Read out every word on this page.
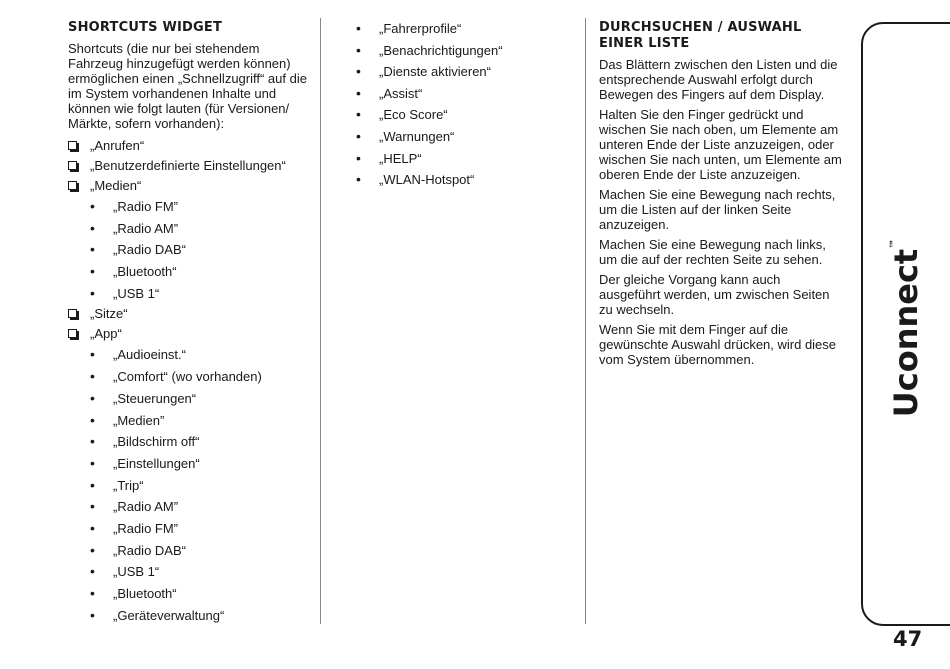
SHORTCUTS WIDGET

Shortcuts (die nur bei stehendem Fahrzeug hinzugefügt werden können) ermöglichen einen „Schnellzugriff“ auf die im System vorhandenen Inhalte und können wie folgt lauten (für Versionen/ Märkte, sofern vorhanden):

„Anrufen“
„Benutzerdefinierte Einstellungen“
„Medien“
• „Radio FM”
• „Radio AM”
• „Radio DAB“
• „Bluetooth“
• „USB 1“
„Sitze“
„App“
• „Audioeinst.“
• „Comfort“ (wo vorhanden)
• „Steuerungen“
• „Medien”
• „Bildschirm off“
• „Einstellungen“
• „Trip“
• „Radio AM”
• „Radio FM”
• „Radio DAB“
• „USB 1“
• „Bluetooth“
• „Geräteverwaltung“
• „Fahrerprofile“
• „Benachrichtigungen“
• „Dienste aktivieren“
• „Assist“
• „Eco Score“
• „Warnungen“
• „HELP“
• „WLAN-Hotspot“
DURCHSUCHEN / AUSWAHL EINER LISTE

Das Blättern zwischen den Listen und die entsprechende Auswahl erfolgt durch Bewegen des Fingers auf dem Display.

Halten Sie den Finger gedrückt und wischen Sie nach oben, um Elemente am unteren Ende der Liste anzuzeigen, oder wischen Sie nach unten, um Elemente am oberen Ende der Liste anzuzeigen.

Machen Sie eine Bewegung nach rechts, um die Listen auf der linken Seite anzuzeigen.

Machen Sie eine Bewegung nach links, um die auf der rechten Seite zu sehen.

Der gleiche Vorgang kann auch ausgeführt werden, um zwischen Seiten zu wechseln.

Wenn Sie mit dem Finger auf die gewünschte Auswahl drücken, wird diese vom System übernommen.	Uconnect™
47
